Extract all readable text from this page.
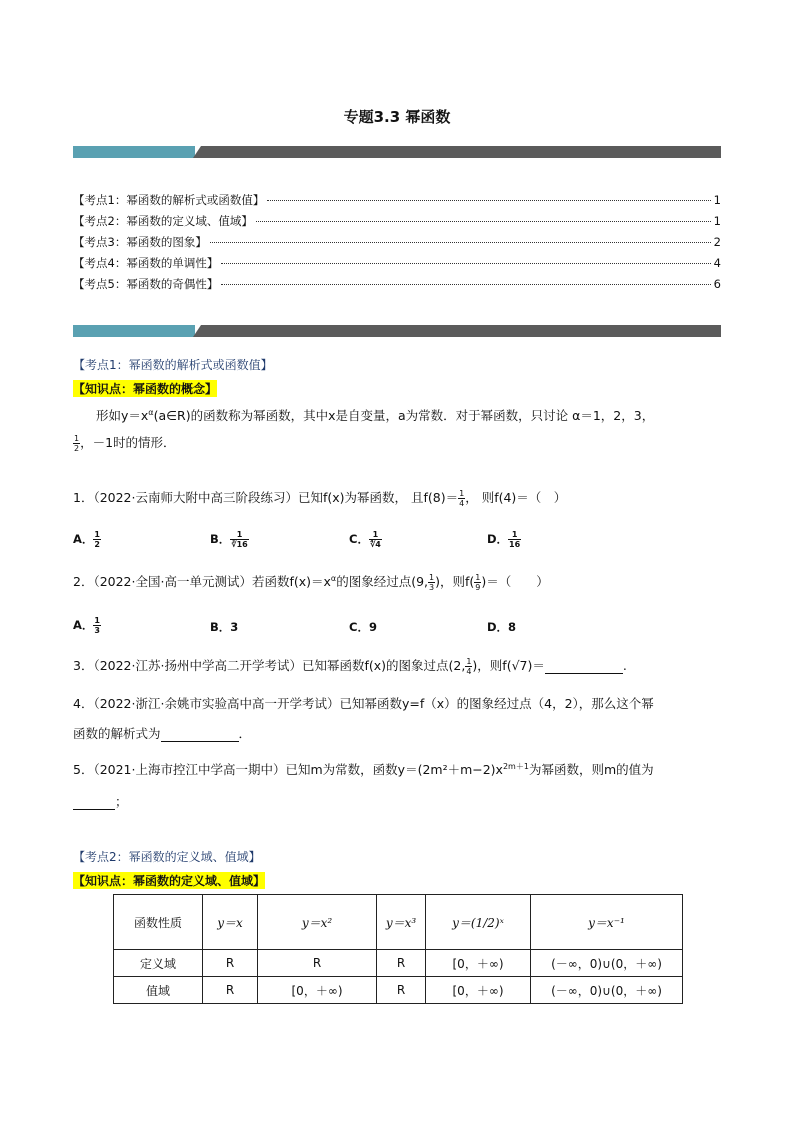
专题3.3 幂函数
【考点1：幂函数的解析式或函数值】	1
【考点2：幂函数的定义域、值域】	1
【考点3：幂函数的图象】	2
【考点4：幂函数的单调性】	4
【考点5：幂函数的奇偶性】	6
【考点1：幂函数的解析式或函数值】
【知识点：幂函数的概念】
形如$y=x^\alpha(a\in R)$的函数称为幂函数，其中x是自变量，a为常数．对于幂函数，只讨论 α＝1，2，3，
$\frac{1}{2}$ ，－1时的情形．
1．（2022·云南师大附中高三阶段练习）已知f(x)为幂函数， 且$f(8)= \frac{1}{4}$ ， 则f(4)＝（　）
A． $\frac{1}{2}$	B． $\frac{1}{∛16}$	C． $\frac{1}{∜4}$	D． $\frac{1}{16}$
2．（2022·全国·高一单元测试）若函数$f(x)=x^\alpha$的图象经过点(9, $\frac{1}{3}$ )，则$f( \frac{1}{9}$ )＝（　　）
A． $\frac{1}{3}$	B．3	C．9	D．8
3．（2022·江苏·扬州中学高二开学考试）已知幂函数f(x)的图象过点(2, $\frac{1}{4}$ )，则f(√7)＝	.
4．（2022·浙江·余姚市实验高中高一开学考试）已知幂函数y=f（x）的图象经过点（4，2），那么这个幂
函数的解析式为	．
5．（2021·上海市控江中学高一期中）已知m为常数，函数$y=(2m^2+m-2)x^{2m+1}$为幂函数，则m的值为
；
【考点2：幂函数的定义域、值域】
【知识点：幂函数的定义域、值域】
函数性质	y＝x	y＝x²	y＝x³	y＝(1/2)ˣ	y＝x⁻¹
定义域	R	R	R	[0，＋∞)	(－∞，0)∪(0，＋∞)
值域	R	[0，＋∞)	R	[0，＋∞)	(－∞，0)∪(0，＋∞)
